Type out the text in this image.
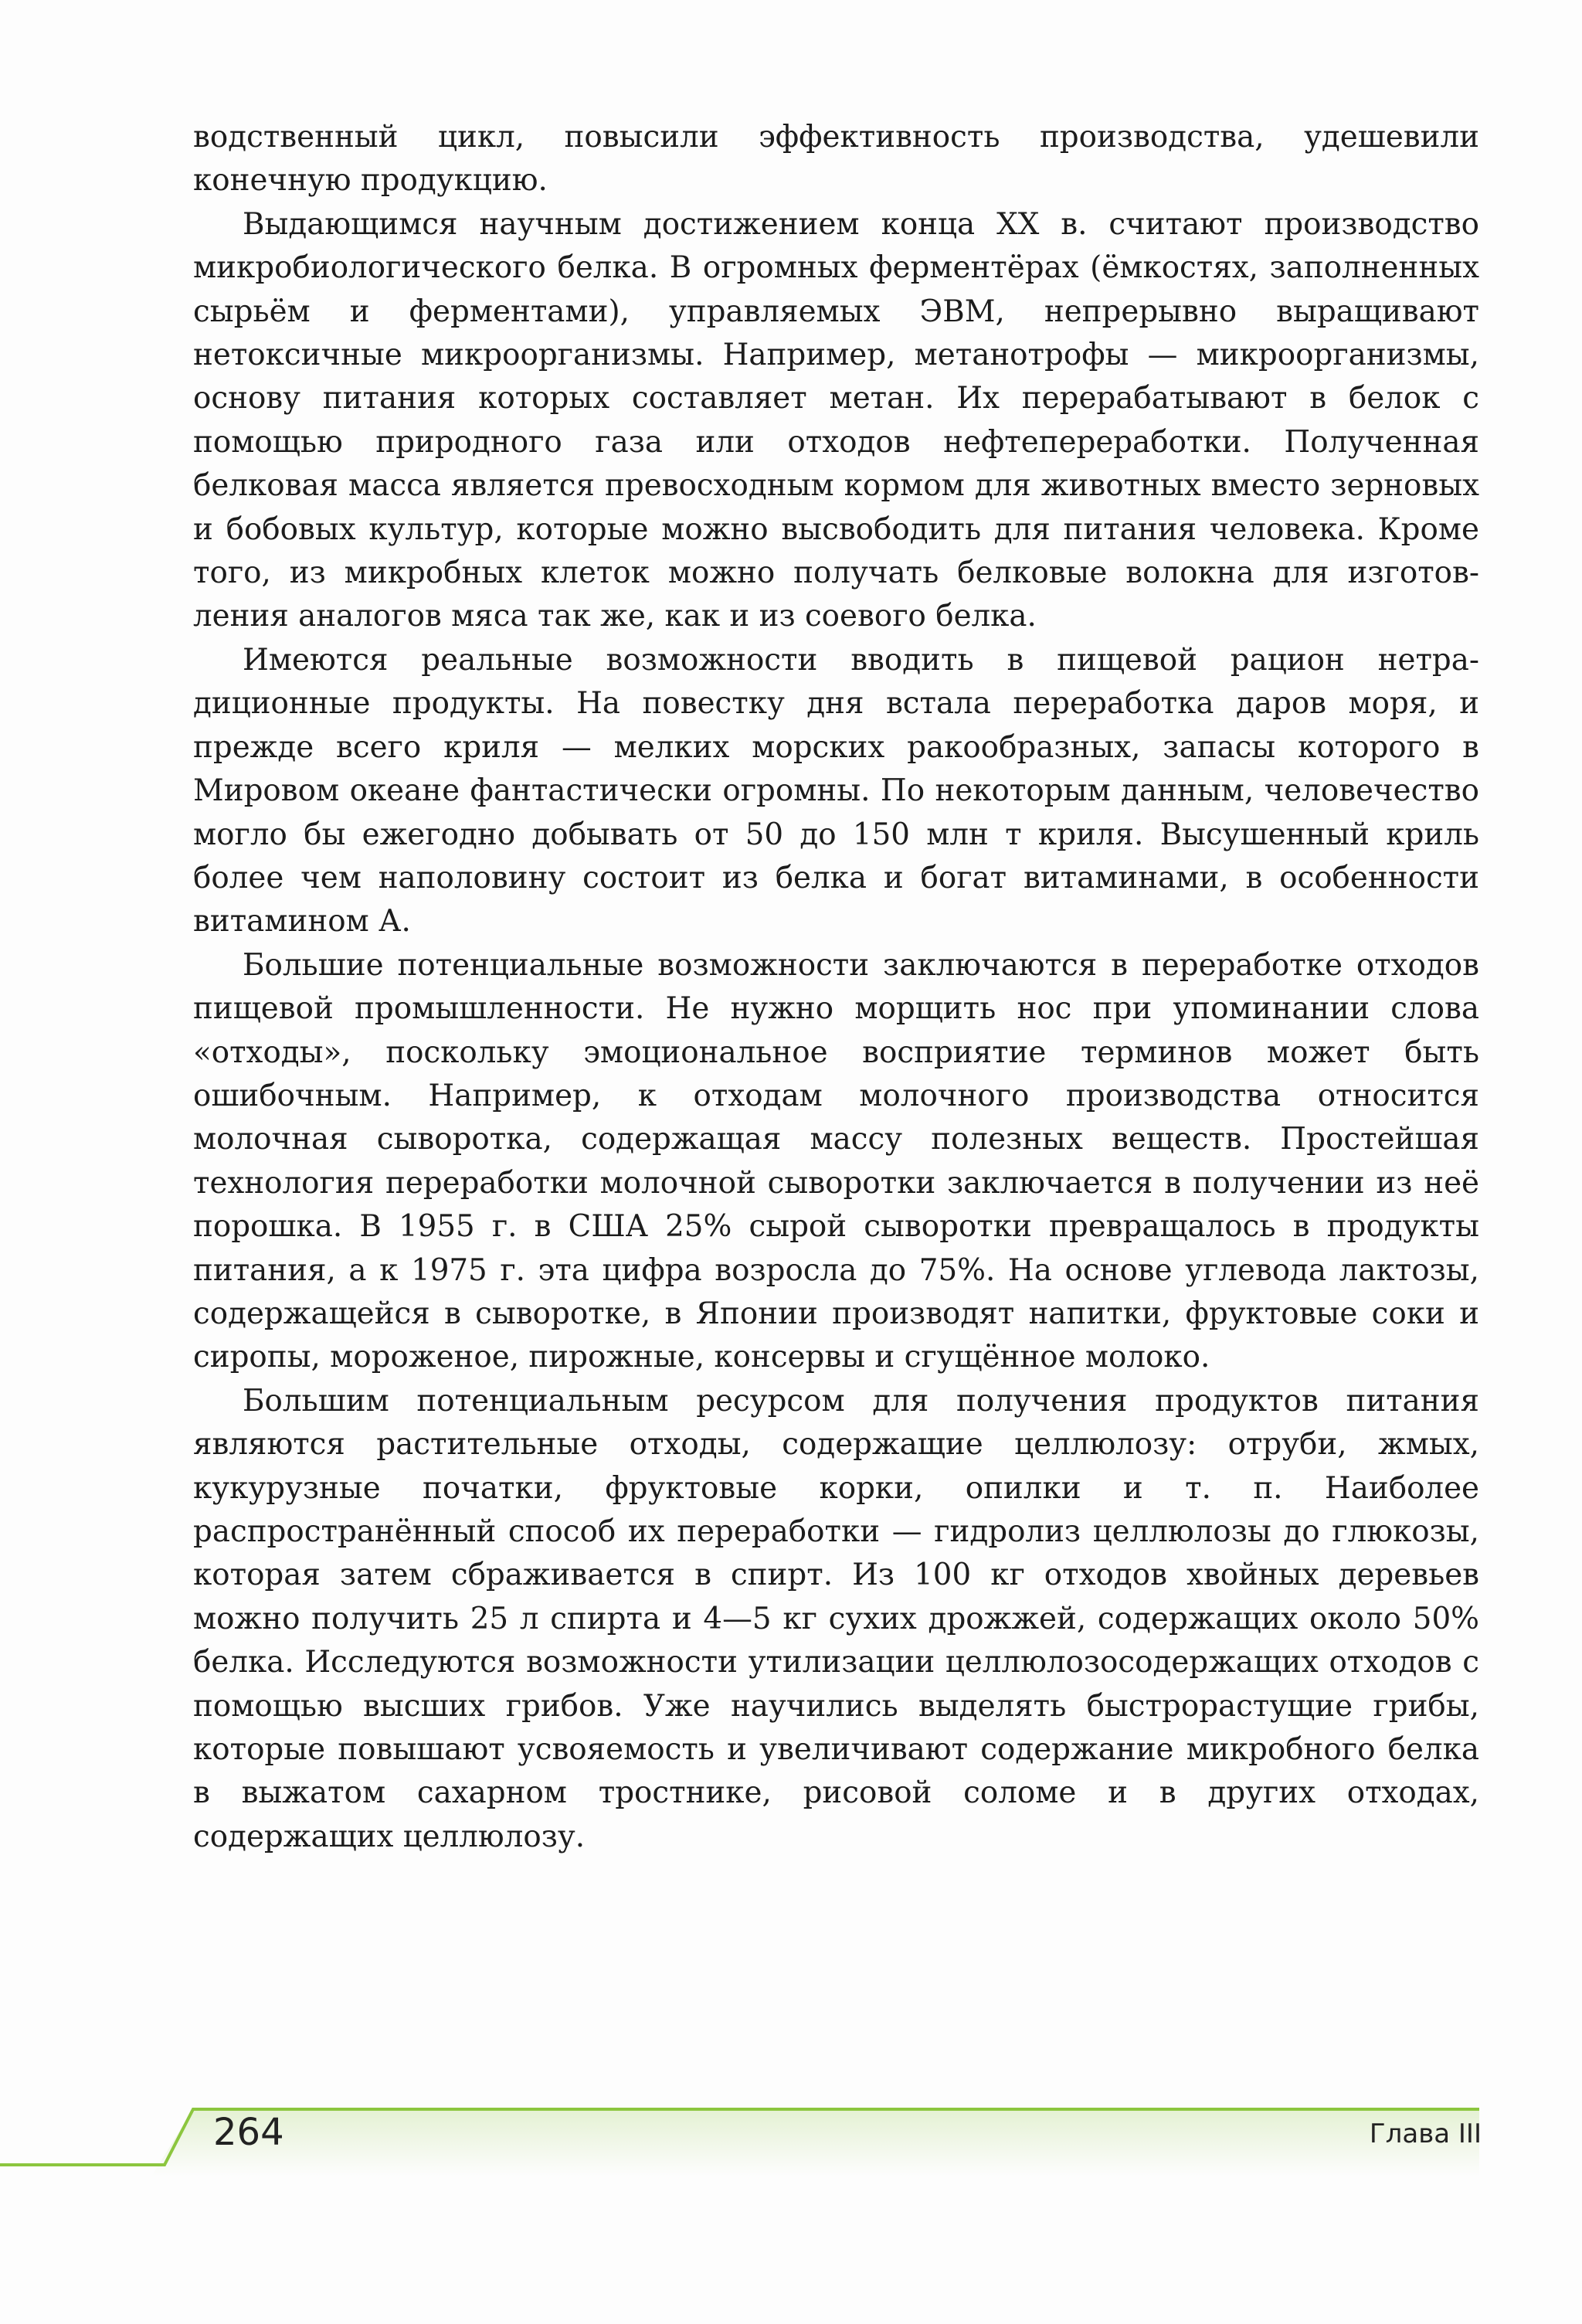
водственный цикл, повысили эффективность производства, удешевили конечную продукцию.

Выдающимся научным достижением конца XX в. считают производство микробиологического белка. В огромных ферментёрах (ёмкостях, заполненных сырьём и ферментами), управляемых ЭВМ, непрерывно выращивают нетоксичные микроорганизмы. Например, метанотрофы — микроорганизмы, основу питания которых составляет метан. Их перерабатывают в белок с помощью природного газа или отходов нефтепереработки. Полученная белковая масса является превосходным кормом для животных вместо зерновых и бобовых культур, которые можно высвободить для питания человека. Кроме того, из микробных клеток можно получать белковые волокна для изготовления аналогов мяса так же, как и из соевого белка.

Имеются реальные возможности вводить в пищевой рацион нетрадиционные продукты. На повестку дня встала переработка даров моря, и прежде всего криля — мелких морских ракообразных, запасы которого в Мировом океане фантастически огромны. По некоторым данным, человечество могло бы ежегодно добывать от 50 до 150 млн т криля. Высушенный криль более чем наполовину состоит из белка и богат витаминами, в особенности витамином А.

Большие потенциальные возможности заключаются в переработке отходов пищевой промышленности. Не нужно морщить нос при упоминании слова «отходы», поскольку эмоциональное восприятие терминов может быть ошибочным. Например, к отходам молочного производства относится молочная сыворотка, содержащая массу полезных веществ. Простейшая технология переработки молочной сыворотки заключается в получении из неё порошка. В 1955 г. в США 25% сырой сыворотки превращалось в продукты питания, а к 1975 г. эта цифра возросла до 75%. На основе углевода лактозы, содержащейся в сыворотке, в Японии производят напитки, фруктовые соки и сиропы, мороженое, пирожные, консервы и сгущённое молоко.

Большим потенциальным ресурсом для получения продуктов питания являются растительные отходы, содержащие целлюлозу: отруби, жмых, кукурузные початки, фруктовые корки, опилки и т. п. Наиболее распространённый способ их переработки — гидролиз целлюлозы до глюкозы, которая затем сбраживается в спирт. Из 100 кг отходов хвойных деревьев можно получить 25 л спирта и 4—5 кг сухих дрожжей, содержащих около 50% белка. Исследуются возможности утилизации целлюлозосодержащих отходов с помощью высших грибов. Уже научились выделять быстрорастущие грибы, которые повышают усвояемость и увеличивают содержание микробного белка в выжатом сахарном тростнике, рисовой соломе и в других отходах, содержащих целлюлозу.

264	Глава III
